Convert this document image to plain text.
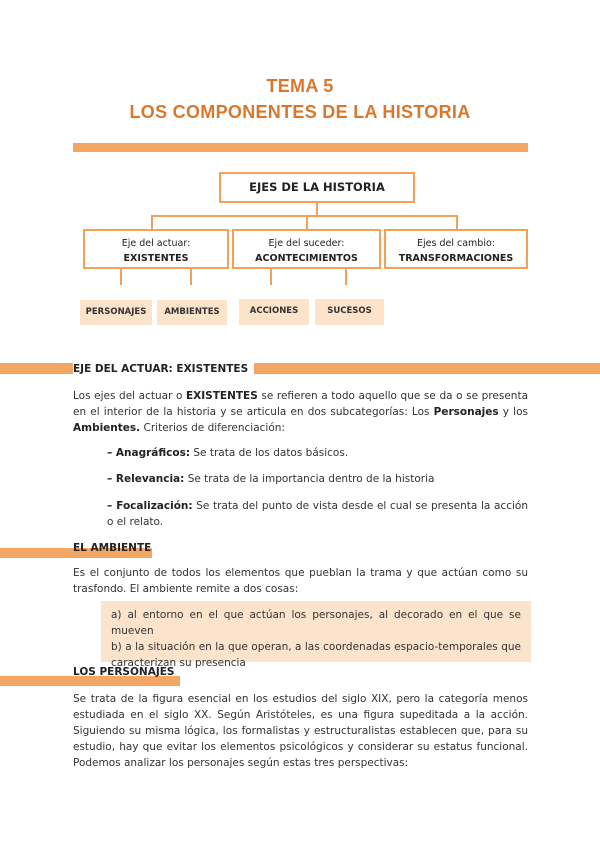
TEMA 5
LOS COMPONENTES DE LA HISTORIA
EJES DE LA HISTORIA
Eje del actuar:
EXISTENTES
Eje del suceder:
ACONTECIMIENTOS
Ejes del cambio:
TRANSFORMACIONES
PERSONAJES	AMBIENTES	ACCIONES	SUCESOS
EJE DEL ACTUAR: EXISTENTES
Los ejes del actuar o EXISTENTES se refieren a todo aquello que se da o se presenta en el interior de la historia y se articula en dos subcategorías: Los Personajes y los Ambientes. Criterios de diferenciación:
– Anagráficos: Se trata de los datos básicos.
– Relevancia: Se trata de la importancia dentro de la historia
– Focalización: Se trata del punto de vista desde el cual se presenta la acción o el relato.
EL AMBIENTE
Es el conjunto de todos los elementos que pueblan la trama y que actúan como su trasfondo. El ambiente remite a dos cosas:
a) al entorno en el que actúan los personajes, al decorado en el que se mueven
b) a la situación en la que operan, a las coordenadas espacio-temporales que caracterizan su presencia
LOS PERSONAJES
Se trata de la figura esencial en los estudios del siglo XIX, pero la categoría menos estudiada en el siglo XX. Según Aristóteles, es una figura supeditada a la acción. Siguiendo su misma lógica, los formalistas y estructuralistas establecen que, para su estudio, hay que evitar los elementos psicológicos y considerar su estatus funcional. Podemos analizar los personajes según estas tres perspectivas:
